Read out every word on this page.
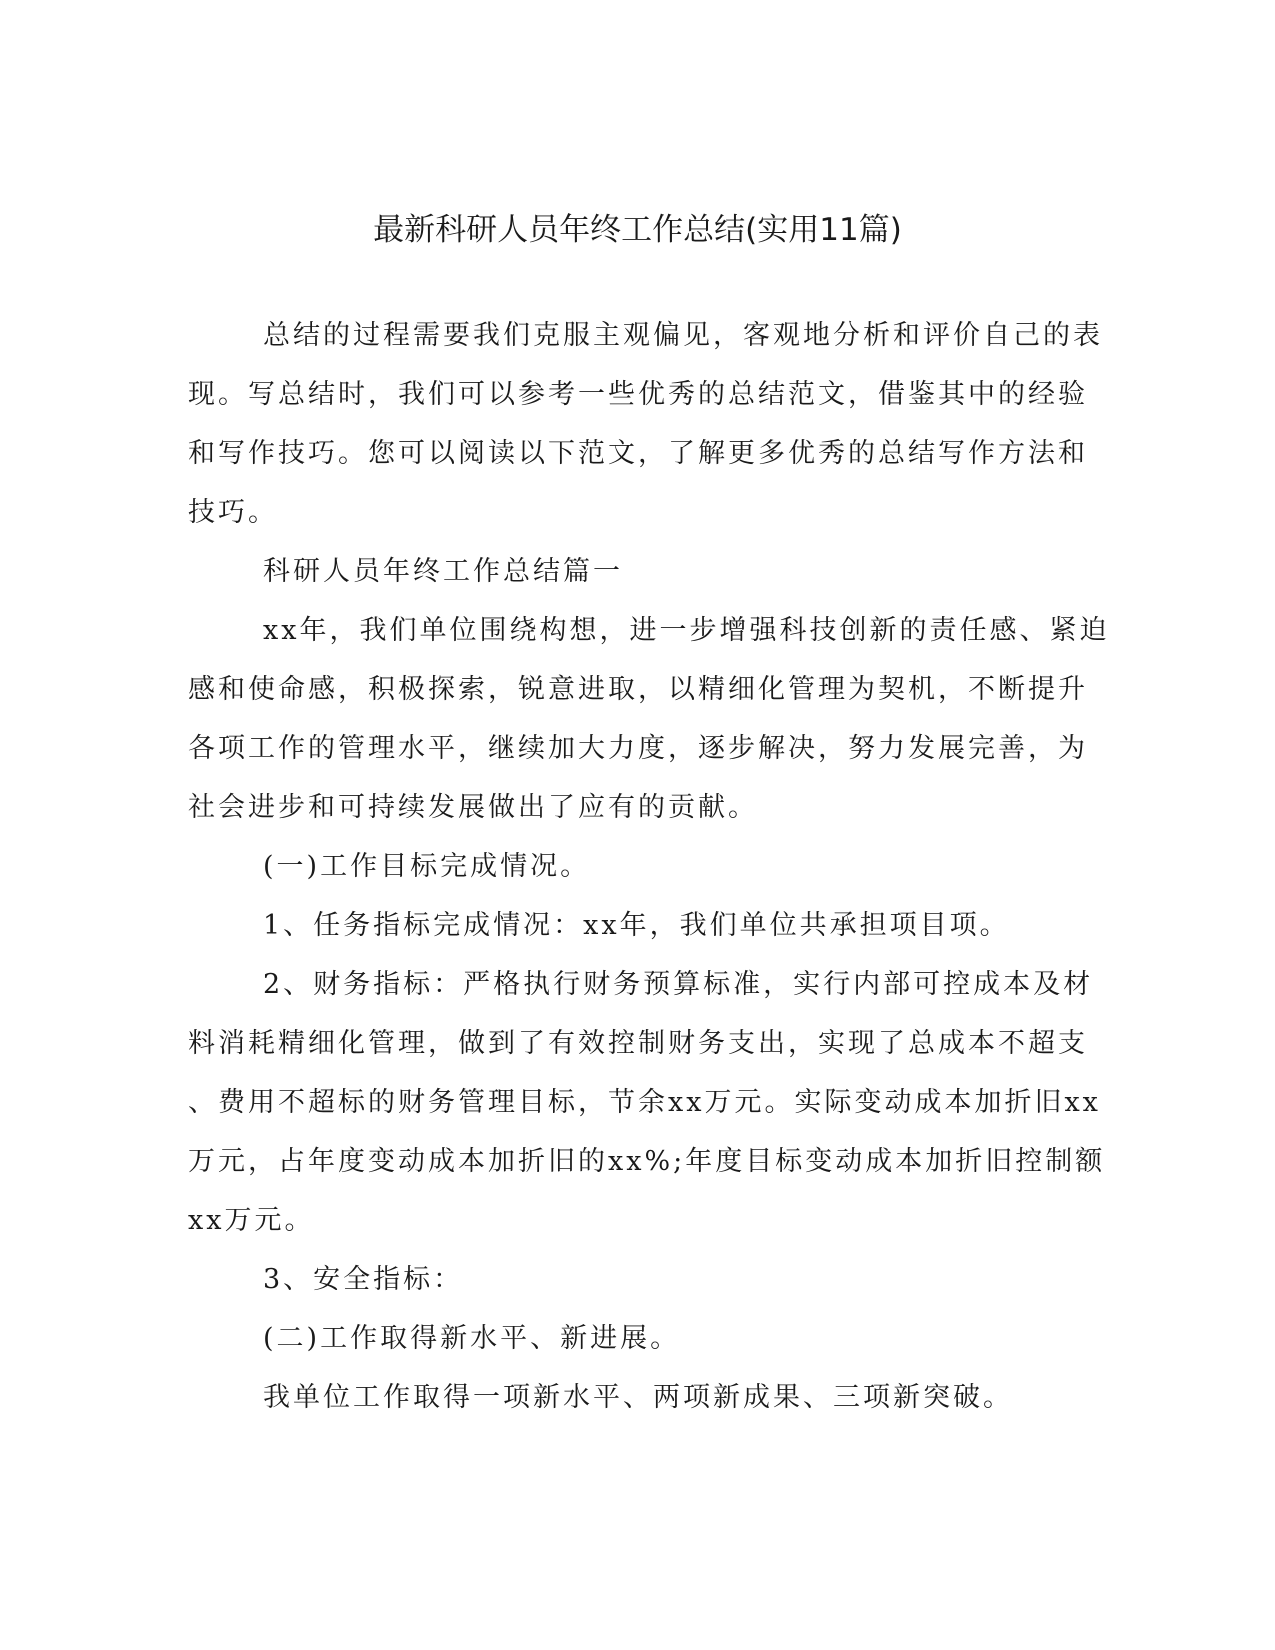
最新科研人员年终工作总结(实用11篇)
总结的过程需要我们克服主观偏见，客观地分析和评价自己的表
现。写总结时，我们可以参考一些优秀的总结范文，借鉴其中的经验
和写作技巧。您可以阅读以下范文，了解更多优秀的总结写作方法和
技巧。
科研人员年终工作总结篇一
xx年，我们单位围绕构想，进一步增强科技创新的责任感、紧迫
感和使命感，积极探索，锐意进取，以精细化管理为契机，不断提升
各项工作的管理水平，继续加大力度，逐步解决，努力发展完善，为
社会进步和可持续发展做出了应有的贡献。
(一)工作目标完成情况。
1、任务指标完成情况：xx年，我们单位共承担项目项。
2、财务指标：严格执行财务预算标准，实行内部可控成本及材
料消耗精细化管理，做到了有效控制财务支出，实现了总成本不超支
、费用不超标的财务管理目标，节余xx万元。实际变动成本加折旧xx
万元，占年度变动成本加折旧的xx%;年度目标变动成本加折旧控制额
xx万元。
3、安全指标：
(二)工作取得新水平、新进展。
我单位工作取得一项新水平、两项新成果、三项新突破。
